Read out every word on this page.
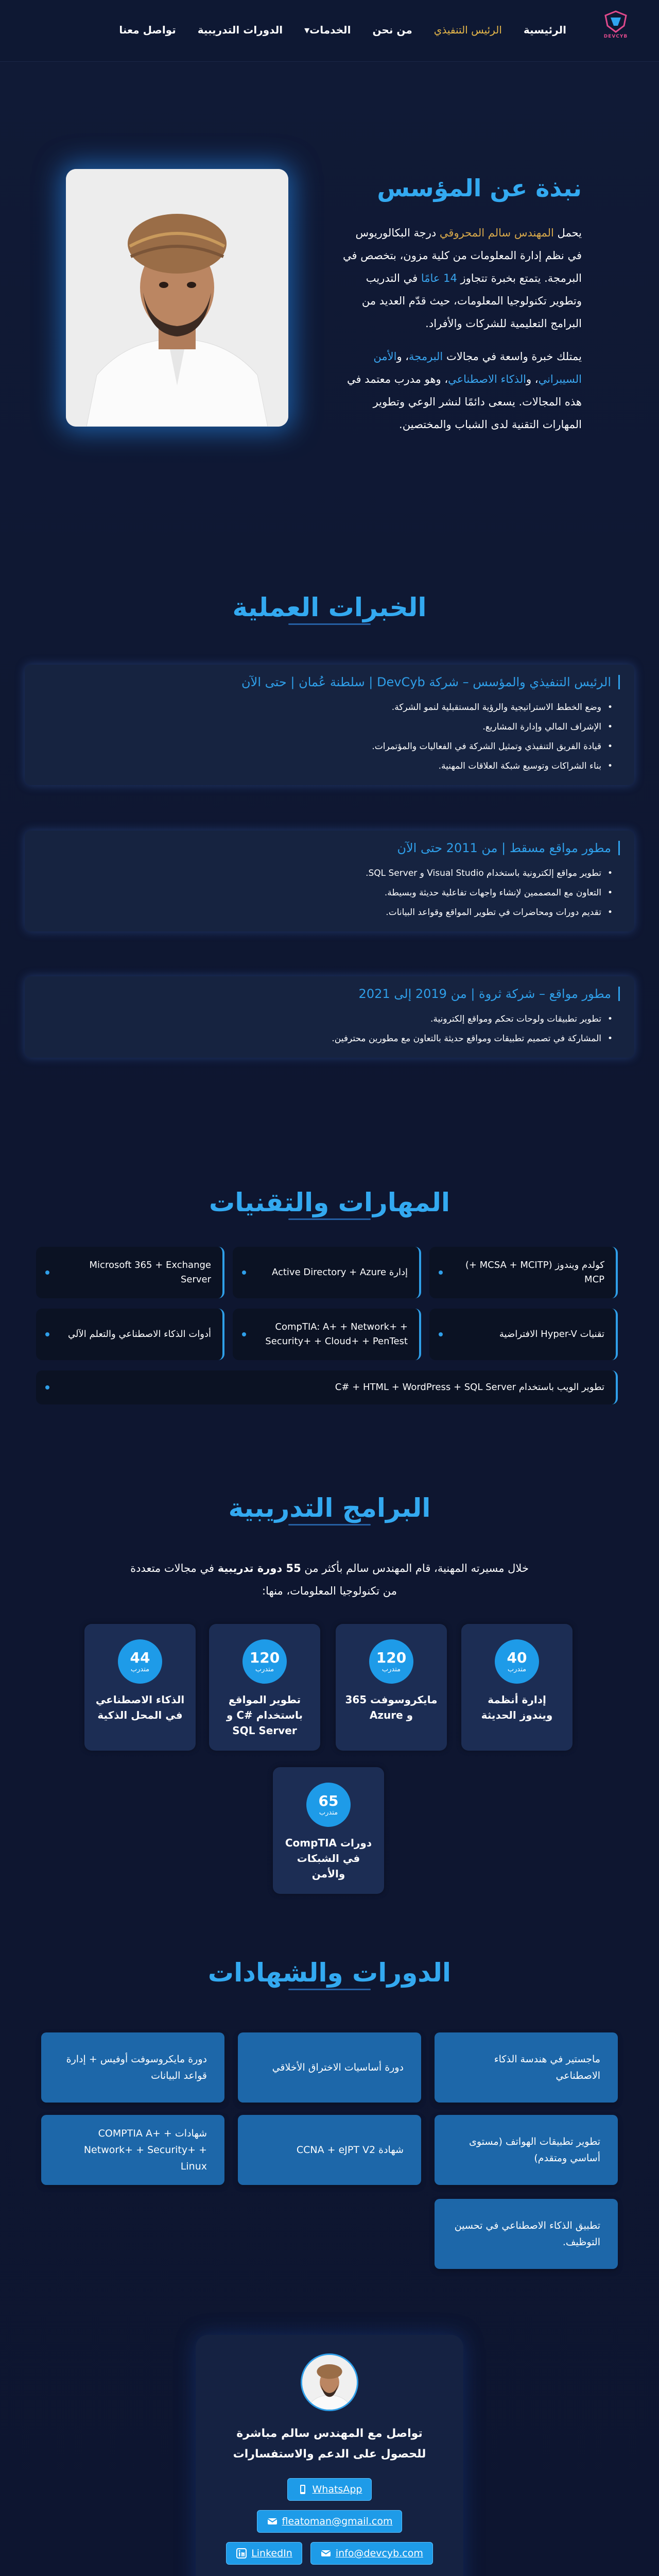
DEVCYB
الرئيسية
الرئيس التنفيذي
من نحن
الخدمات▾
الدورات التدريبية
تواصل معنا
نبذة عن المؤسس

يحمل المهندس سالم المحروقي درجة البكالوريوس في نظم إدارة المعلومات من كلية مزون، بتخصص في البرمجة. يتمتع بخبرة تتجاوز 14 عامًا في التدريب وتطوير تكنولوجيا المعلومات، حيث قدّم العديد من البرامج التعليمية للشركات والأفراد.

يمتلك خبرة واسعة في مجالات البرمجة، والأمن السيبراني، والذكاء الاصطناعي، وهو مدرب معتمد في هذه المجالات. يسعى دائمًا لنشر الوعي وتطوير المهارات التقنية لدى الشباب والمختصين.

الخبرات العملية
الرئيس التنفيذي والمؤسس – شركة DevCyb | سلطنة عُمان | حتى الآن
• وضع الخطط الاستراتيجية والرؤية المستقبلية لنمو الشركة.
• الإشراف المالي وإدارة المشاريع.
• قيادة الفريق التنفيذي وتمثيل الشركة في الفعاليات والمؤتمرات.
• بناء الشراكات وتوسيع شبكة العلاقات المهنية.
مطور مواقع مسقط | من 2011 حتى الآن
• تطوير مواقع إلكترونية باستخدام Visual Studio و SQL Server.
• التعاون مع المصممين لإنشاء واجهات تفاعلية حديثة وبسيطة.
• تقديم دورات ومحاضرات في تطوير المواقع وقواعد البيانات.
مطور مواقع – شركة ثروة | من 2019 إلى 2021
• تطوير تطبيقات ولوحات تحكم ومواقع إلكترونية.
• المشاركة في تصميم تطبيقات ومواقع حديثة بالتعاون مع مطورين محترفين.
المهارات والتقنيات
كولدم ويندوز (MCSA + MCITP +) MCP
إدارة Active Directory + Azure
Microsoft 365 + Exchange Server
تقنيات Hyper-V الافتراضية
CompTIA: A+ + Network+ + Security+ + Cloud+ + PenTest
أدوات الذكاء الاصطناعي والتعلم الآلي
تطوير الويب باستخدام C# + HTML + WordPress + SQL Server
البرامج التدريبية
خلال مسيرته المهنية، قام المهندس سالم بأكثر من 55 دورة تدريبية في مجالات متعددة
من تكنولوجيا المعلومات، منها:
40
متدرب
إدارة أنظمة ويندوز الحديثة
120
متدرب
مايكروسوفت 365 و Azure
120
متدرب
تطوير المواقع باستخدام #C و SQL Server
44
متدرب
الذكاء الاصطناعي في المحل الذكية
65
متدرب
دورات CompTIA في الشبكات والأمن
الدورات والشهادات
ماجستير في هندسة الذكاء الاصطناعي
دورة أساسيات الاختراق الأخلاقي
دورة مايكروسوفت أوفيس + إدارة قواعد البيانات
تطوير تطبيقات الهواتف (مستوى أساسي ومتقدم)
شهادة CCNA + eJPT V2
شهادات COMPTIA A+ + Network+ + Security+ + Linux
تطبيق الذكاء الاصطناعي في تحسين التوظيف.
تواصل مع المهندس سالم مباشرة للحصول على الدعم والاستفسارات
WhatsApp
fleatoman@gmail.com
info@devcyb.com
LinkedIn
